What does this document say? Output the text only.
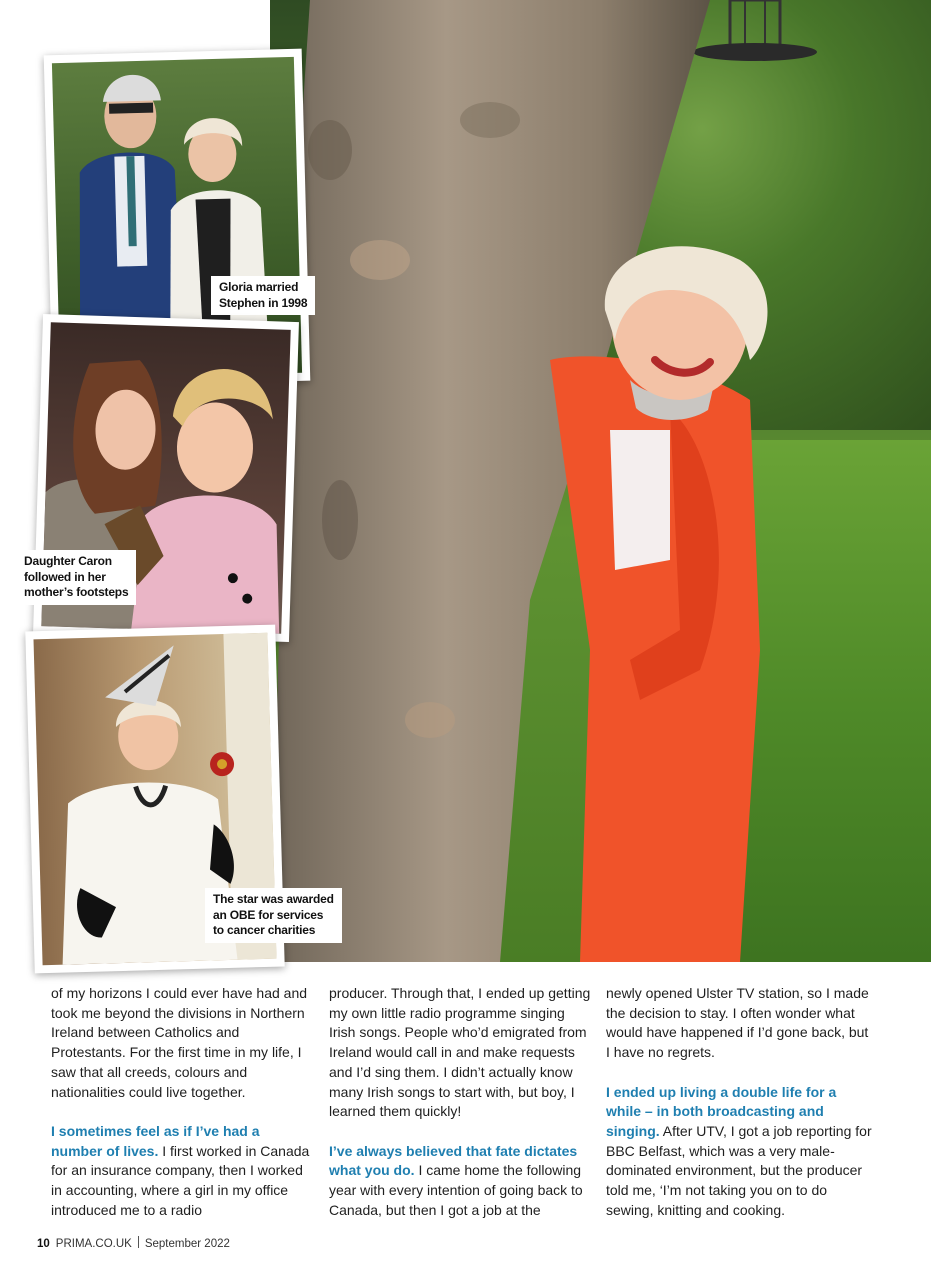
Gloria married
Stephen in 1998
Daughter Caron
followed in her
mother’s footsteps
The star was awarded
an OBE for services
to cancer charities

of my horizons I could ever have had and took me beyond the divisions in Northern Ireland between Catholics and Protestants. For the first time in my life, I saw that all creeds, colours and nationalities could live together.

I sometimes feel as if I’ve had a number of lives. I first worked in Canada for an insurance company, then I worked in accounting, where a girl in my office introduced me to a radio

producer. Through that, I ended up getting my own little radio programme singing Irish songs. People who’d emigrated from Ireland would call in and make requests and I’d sing them. I didn’t actually know many Irish songs to start with, but boy, I learned them quickly!

I’ve always believed that fate dictates what you do. I came home the following year with every intention of going back to Canada, but then I got a job at the

newly opened Ulster TV station, so I made the decision to stay. I often wonder what would have happened if I’d gone back, but I have no regrets.

I ended up living a double life for a while – in both broadcasting and singing. After UTV, I got a job reporting for BBC Belfast, which was a very male-dominated environment, but the producer told me, ‘I’m not taking you on to do sewing, knitting and cooking.

10 PRIMA.CO.UK September 2022
